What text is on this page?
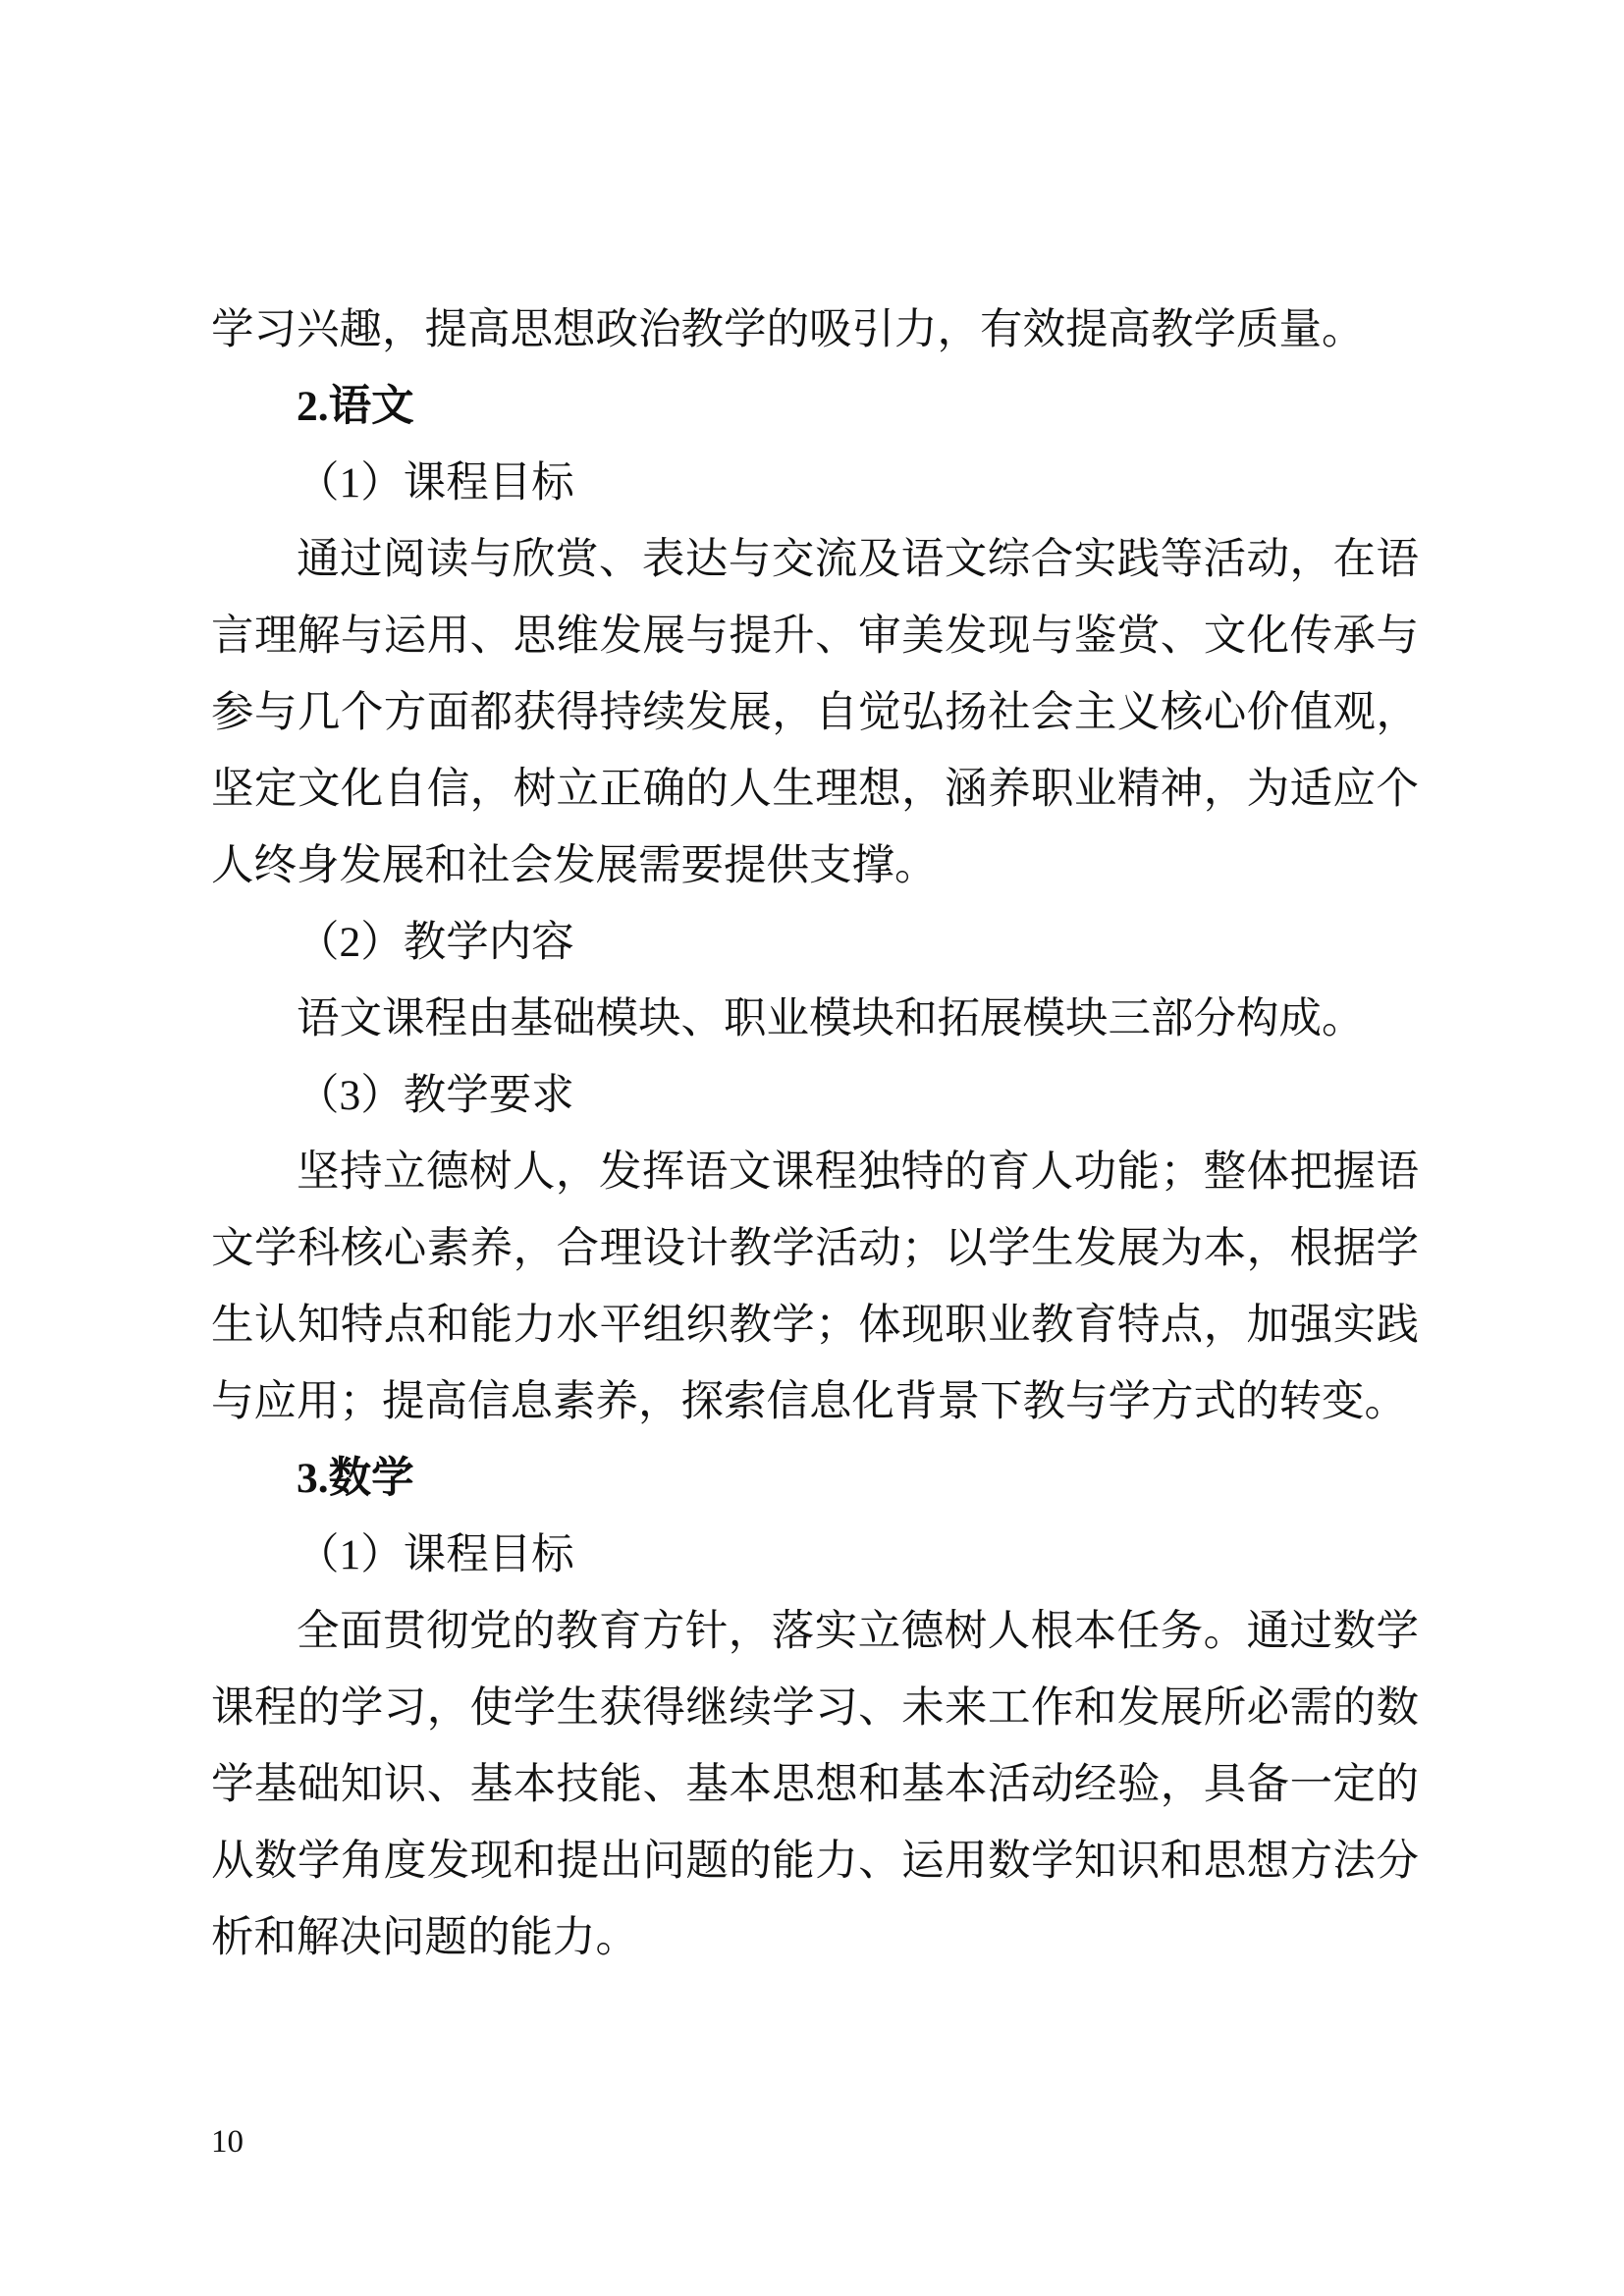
学习兴趣，提高思想政治教学的吸引力，有效提高教学质量。
2.语文
（1）课程目标
通过阅读与欣赏、表达与交流及语文综合实践等活动，在语
言理解与运用、思维发展与提升、审美发现与鉴赏、文化传承与
参与几个方面都获得持续发展，自觉弘扬社会主义核心价值观，
坚定文化自信，树立正确的人生理想，涵养职业精神，为适应个
人终身发展和社会发展需要提供支撑。
（2）教学内容
语文课程由基础模块、职业模块和拓展模块三部分构成。
（3）教学要求
坚持立德树人，发挥语文课程独特的育人功能；整体把握语
文学科核心素养，合理设计教学活动；以学生发展为本，根据学
生认知特点和能力水平组织教学；体现职业教育特点，加强实践
与应用；提高信息素养，探索信息化背景下教与学方式的转变。
3.数学
（1）课程目标
全面贯彻党的教育方针，落实立德树人根本任务。通过数学
课程的学习，使学生获得继续学习、未来工作和发展所必需的数
学基础知识、基本技能、基本思想和基本活动经验，具备一定的
从数学角度发现和提出问题的能力、运用数学知识和思想方法分
析和解决问题的能力。
10
